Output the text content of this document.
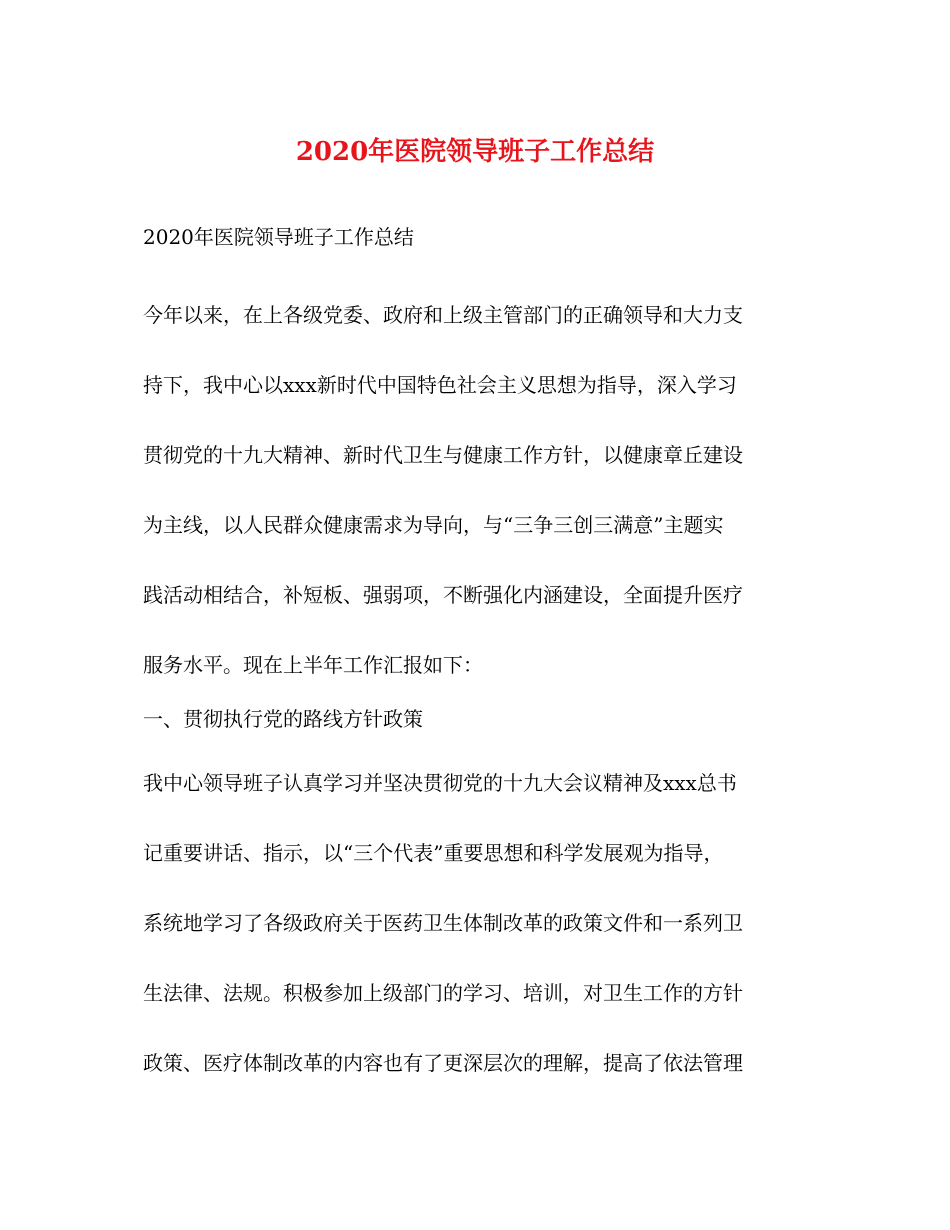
2020年医院领导班子工作总结
2020年医院领导班子工作总结
今年以来，在上各级党委、政府和上级主管部门的正确领导和大力支
持下，我中心以xxx新时代中国特色社会主义思想为指导，深入学习
贯彻党的十九大精神、新时代卫生与健康工作方针，以健康章丘建设
为主线，以人民群众健康需求为导向，与“三争三创三满意”主题实
践活动相结合，补短板、强弱项，不断强化内涵建设，全面提升医疗
服务水平。现在上半年工作汇报如下：
一、贯彻执行党的路线方针政策
我中心领导班子认真学习并坚决贯彻党的十九大会议精神及xxx总书
记重要讲话、指示，以“三个代表”重要思想和科学发展观为指导，
系统地学习了各级政府关于医药卫生体制改革的政策文件和一系列卫
生法律、法规。积极参加上级部门的学习、培训，对卫生工作的方针
政策、医疗体制改革的内容也有了更深层次的理解，提高了依法管理
